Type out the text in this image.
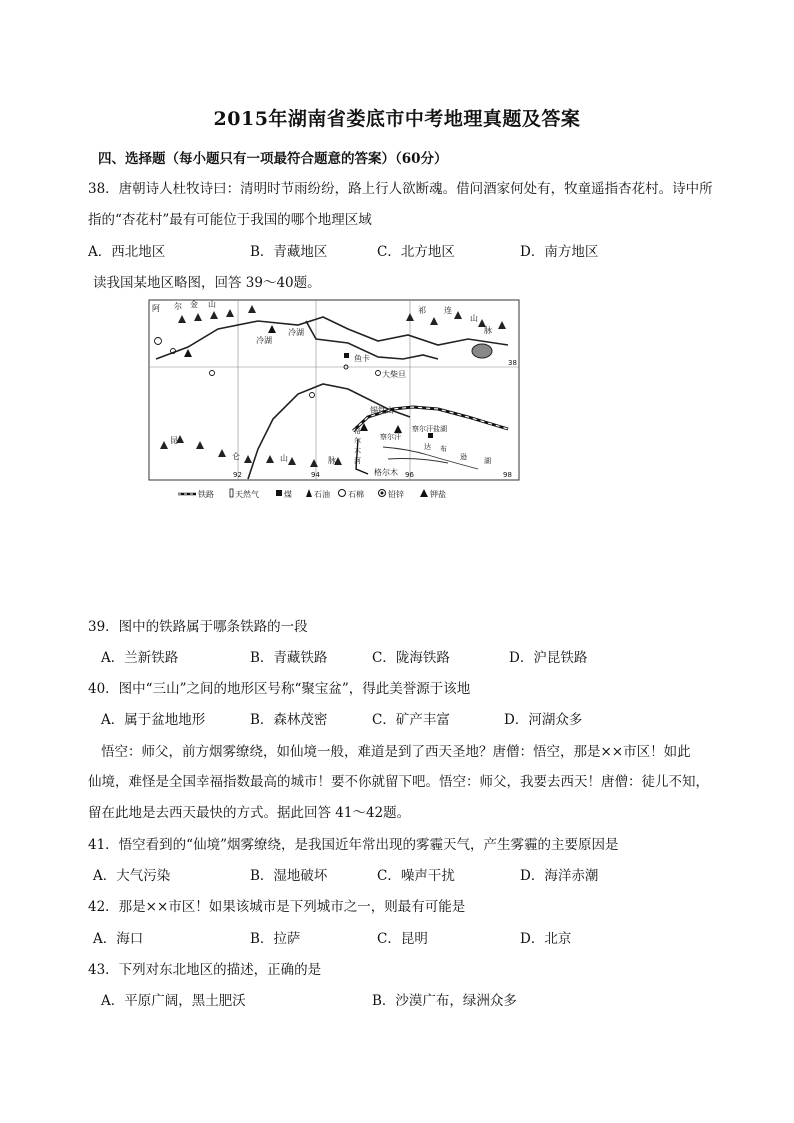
2015年湖南省娄底市中考地理真题及答案
四、选择题（每小题只有一项最符合题意的答案）（60分）
38．唐朝诗人杜牧诗曰：清明时节雨纷纷，路上行人欲断魂。借问酒家何处有，牧童遥指杏花村。诗中所
指的“杏花村”最有可能位于我国的哪个地理区域
A．西北地区	B．青藏地区	C．北方地区	D．南方地区
读我国某地区略图，回答 39～40题。
冷湖
冷湖
鱼卡
大柴旦
锡铁山
察尔汗盐湖
察尔汗
格尔木
阿 尔 金 山
祁 连
山
脉
昆
仑	山	脉
格
尔
木
河
达 布
逊 湖
92	94	96	98
38
铁路	天然气	煤	石油 石棉	铅锌	钾盐
39．图中的铁路属于哪条铁路的一段
A．兰新铁路	B．青藏铁路	C．陇海铁路	D．沪昆铁路
40．图中“三山”之间的地形区号称“聚宝盆”，得此美誉源于该地
A．属于盆地地形	B．森林茂密	C．矿产丰富	D．河湖众多
悟空：师父，前方烟雾缭绕，如仙境一般，难道是到了西天圣地？唐僧：悟空，那是××市区！如此
仙境，难怪是全国幸福指数最高的城市！要不你就留下吧。悟空：师父，我要去西天！唐僧：徒儿不知，
留在此地是去西天最快的方式。据此回答 41～42题。
41．悟空看到的“仙境”烟雾缭绕，是我国近年常出现的雾霾天气，产生雾霾的主要原因是
A．大气污染	B．湿地破坏	C．噪声干扰	D．海洋赤潮
42．那是××市区！如果该城市是下列城市之一，则最有可能是
A．海口	B．拉萨	C．昆明	D．北京
43．下列对东北地区的描述，正确的是
A．平原广阔，黑土肥沃	B．沙漠广布，绿洲众多
